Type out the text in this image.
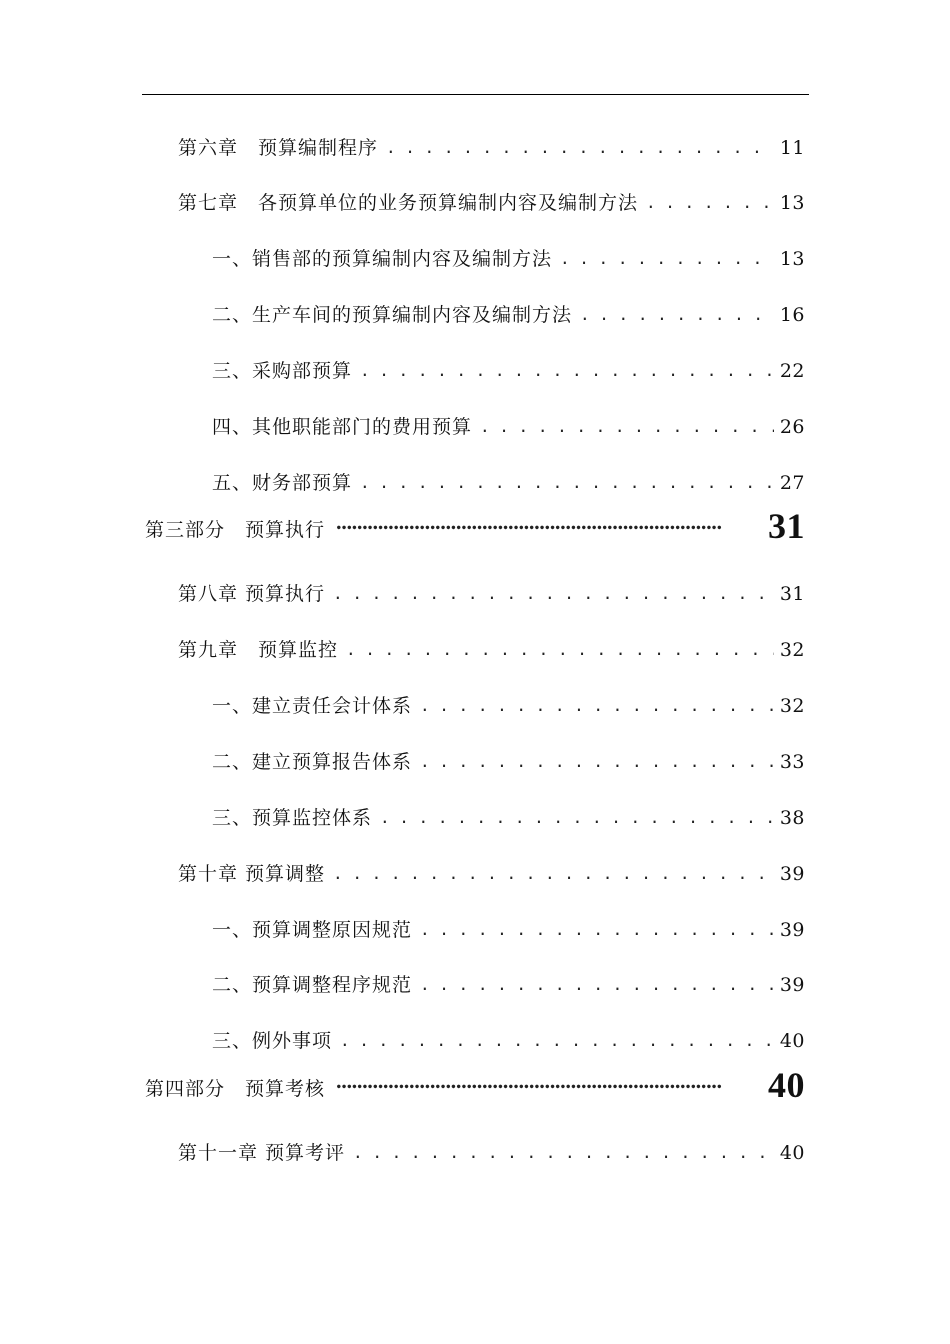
第六章　预算编制程序 . . .	11
第七章　各预算单位的业务预算编制内容及编制方法 . . .	13
一、销售部的预算编制内容及编制方法 . . .	13
二、生产车间的预算编制内容及编制方法 . . .	16
三、采购部预算 . . .	22
四、其他职能部门的费用预算 . . .	26
五、财务部预算 . . .	27
第三部分　预算执行 ●●●●●●●●●●●●●●●●●●●●●●●●●●●●●●●●●●●●●●●●●●●●●●●●●●●●●●●●●●●●●●●●●●●●●●●●●●	31
第八章 预算执行 . . .	31
第九章　预算监控 . . .	32
一、建立责任会计体系 . . .	32
二、建立预算报告体系 . . .	33
三、预算监控体系 . . .	38
第十章 预算调整 . . .	39
一、预算调整原因规范 . . .	39
二、预算调整程序规范 . . .	39
三、例外事项 . . .	40
第四部分　预算考核 ●●●●●●●●●●●●●●●●●●●●●●●●●●●●●●●●●●●●●●●●●●●●●●●●●●●●●●●●●●●●●●●●●●●●●●●●●●	40
第十一章 预算考评 . . .	40
